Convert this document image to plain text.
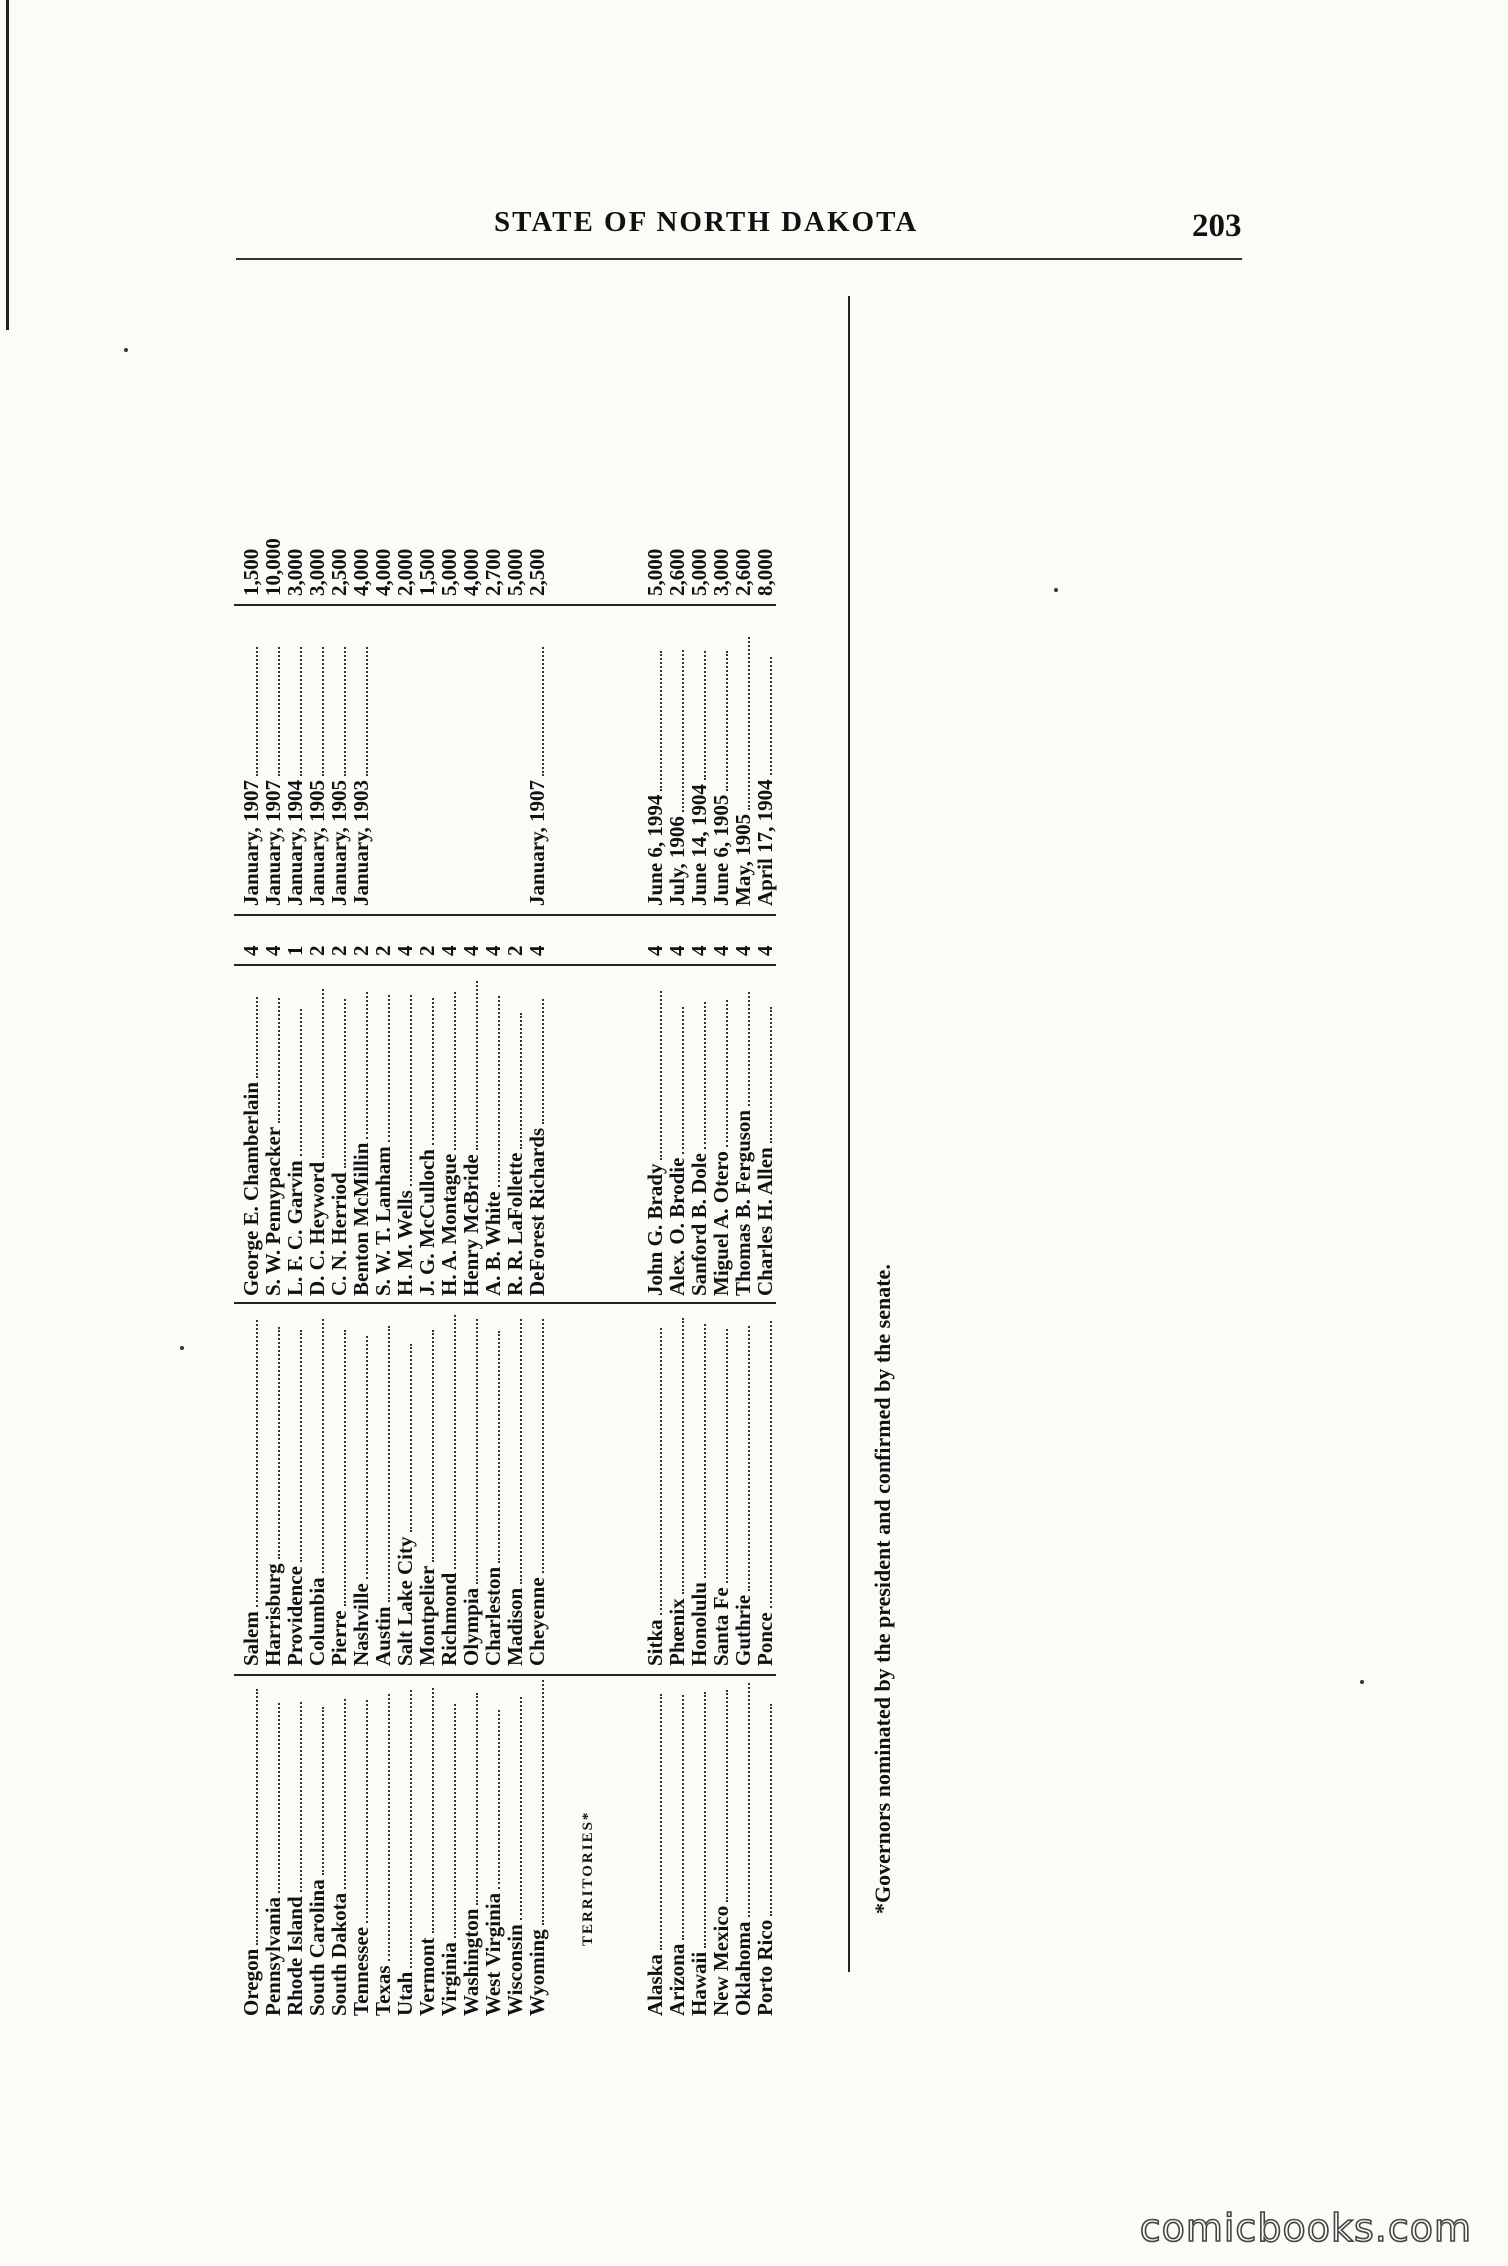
STATE OF NORTH DAKOTA	203
Oregon
Salem
George E. Chamberlain
4
January, 1907
1,500
Pennsylvania
Harrisburg
S. W. Pennypacker
4
January, 1907
10,000
Rhode Island
Providence
L. F. C. Garvin
1
January, 1904
3,000
South Carolina
Columbia
D. C. Heyword
2
January, 1905
3,000
South Dakota
Pierre
C. N. Herriod
2
January, 1905
2,500
Tennessee
Nashville
Benton McMillin
2
January, 1903
4,000
Texas
Austin
S. W. T. Lanham
2
4,000
Utah
Salt Lake City
H. M. Wells
4
2,000
Vermont
Montpelier
J. G. McCulloch
2
1,500
Virginia
Richmond
H. A. Montague
4
5,000
Washington
Olympia
Henry McBride
4
4,000
West Virginia
Charleston
A. B. White
4
2,700
Wisconsin
Madison
R. R. LaFollette
2
5,000
Wyoming
Cheyenne
DeForest Richards
4
January, 1907
2,500
TERRITORIES*
Alaska
Sitka
John G. Brady
4
June 6, 1994
5,000
Arizona
Phœnix
Alex. O. Brodie
4
July, 1906
2,600
Hawaii
Honolulu
Sanford B. Dole
4
June 14, 1904
5,000
New Mexico
Santa Fe
Miguel A. Otero
4
June 6, 1905
3,000
Oklahoma
Guthrie
Thomas B. Ferguson
4
May, 1905
2,600
Porto Rico
Ponce
Charles H. Allen
4
April 17, 1904
8,000
*Governors nominated by the president and confirmed by the senate.
comicbooks.com
